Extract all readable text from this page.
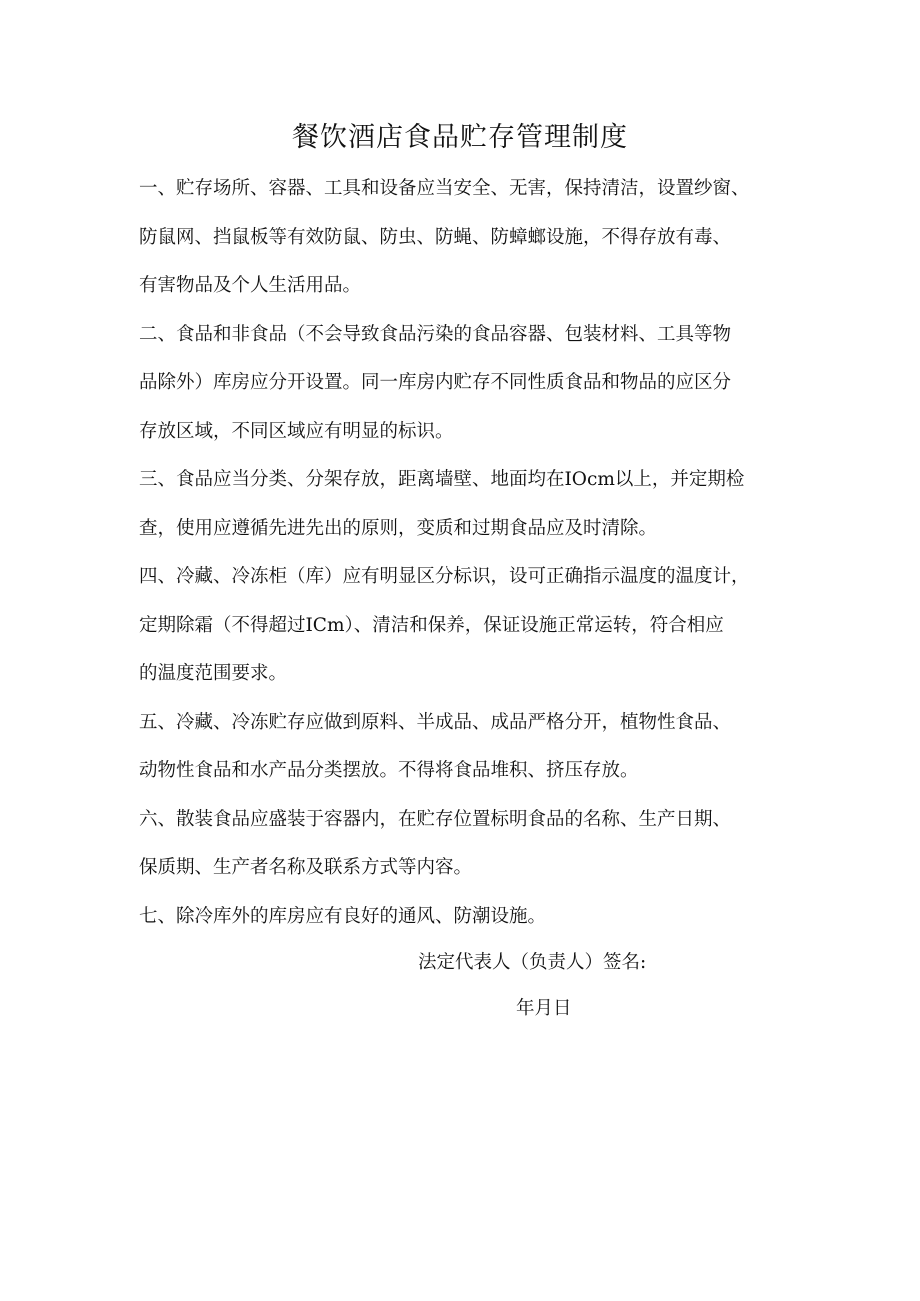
餐饮酒店食品贮存管理制度
一、贮存场所、容器、工具和设备应当安全、无害，保持清洁，设置纱窗、
防鼠网、挡鼠板等有效防鼠、防虫、防蝇、防蟑螂设施，不得存放有毒、
有害物品及个人生活用品。
二、食品和非食品（不会导致食品污染的食品容器、包装材料、工具等物
品除外）库房应分开设置。同一库房内贮存不同性质食品和物品的应区分
存放区域，不同区域应有明显的标识。
三、食品应当分类、分架存放，距离墙壁、地面均在IOcm以上，并定期检
查，使用应遵循先进先出的原则，变质和过期食品应及时清除。
四、冷藏、冷冻柜（库）应有明显区分标识，设可正确指示温度的温度计，
定期除霜（不得超过ICm）、清洁和保养，保证设施正常运转，符合相应
的温度范围要求。
五、冷藏、冷冻贮存应做到原料、半成品、成品严格分开，植物性食品、
动物性食品和水产品分类摆放。不得将食品堆积、挤压存放。
六、散装食品应盛装于容器内，在贮存位置标明食品的名称、生产日期、
保质期、生产者名称及联系方式等内容。
七、除冷库外的库房应有良好的通风、防潮设施。
法定代表人（负责人）签名:
年月日
